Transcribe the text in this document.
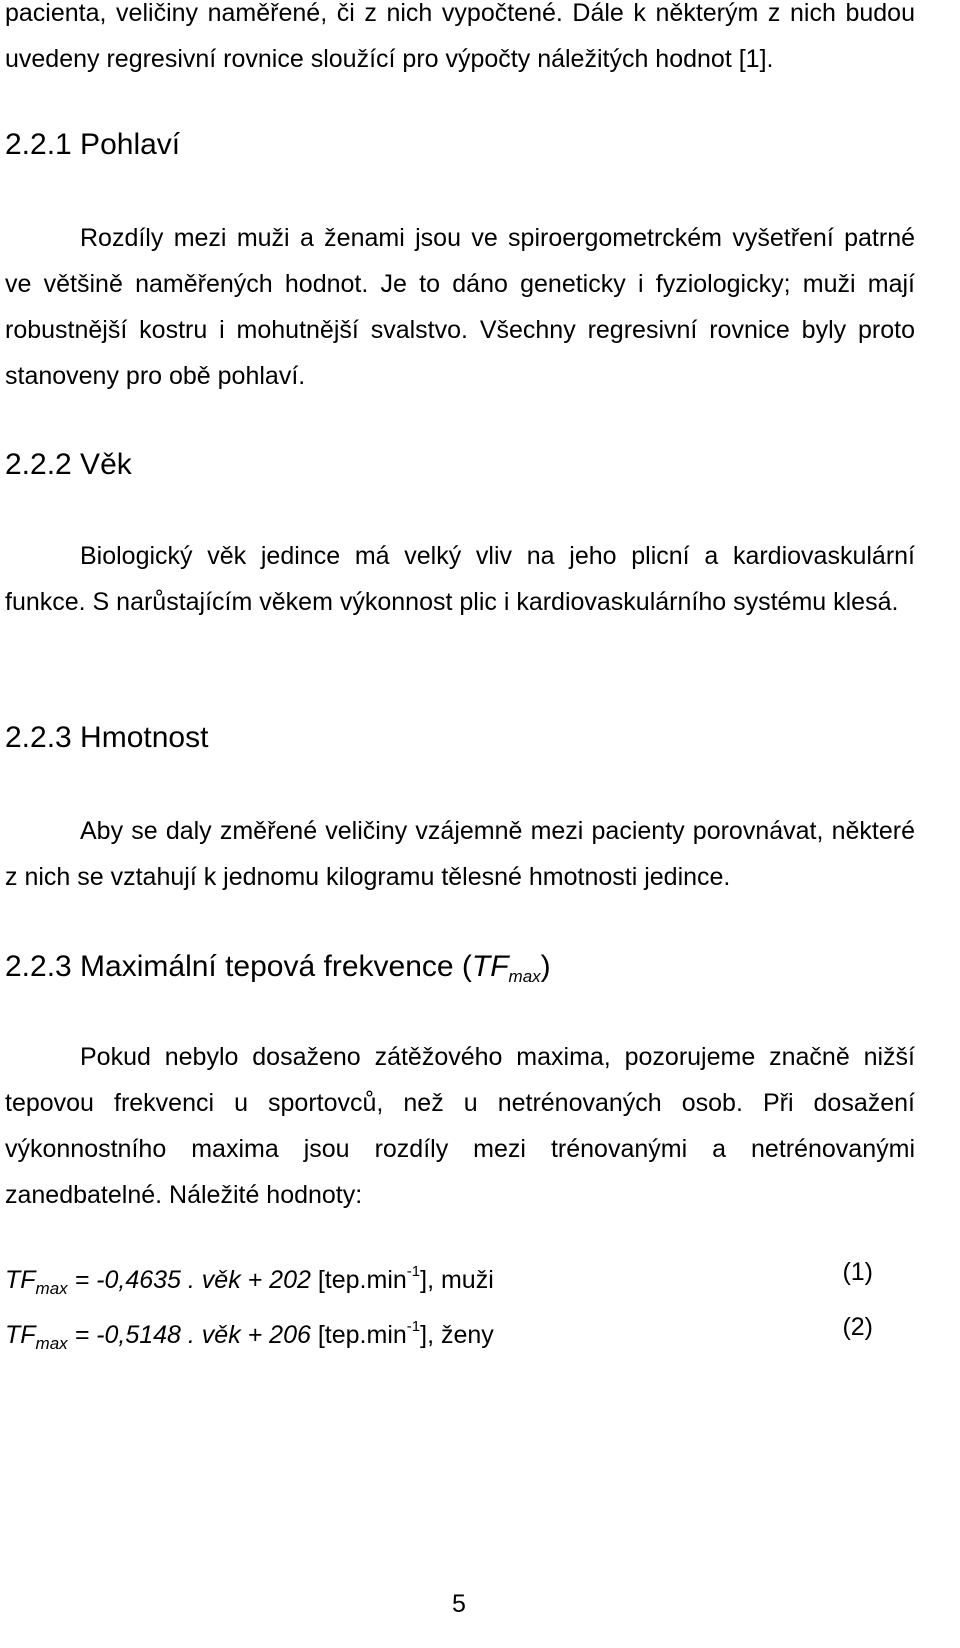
pacienta, veličiny naměřené, či z nich vypočtené. Dále k některým z nich budou uvedeny regresivní rovnice sloužící pro výpočty náležitých hodnot [1].

2.2.1 Pohlaví

Rozdíly mezi muži a ženami jsou ve spiroergometrckém vyšetření patrné ve většině naměřených hodnot. Je to dáno geneticky i fyziologicky; muži mají robustnější kostru i mohutnější svalstvo. Všechny regresivní rovnice byly proto stanoveny pro obě pohlaví.

2.2.2 Věk

Biologický věk jedince má velký vliv na jeho plicní a kardiovaskulární funkce. S narůstajícím věkem výkonnost plic i kardiovaskulárního systému klesá.

2.2.3 Hmotnost

Aby se daly změřené veličiny vzájemně mezi pacienty porovnávat, některé z nich se vztahují k jednomu kilogramu tělesné hmotnosti jedince.

2.2.3 Maximální tepová frekvence $(TF_{max})$

Pokud nebylo dosaženo zátěžového maxima, pozorujeme značně nižší tepovou frekvenci u sportovců, než u netrénovaných osob. Při dosažení výkonnostního maxima jsou rozdíly mezi trénovanými a netrénovanými zanedbatelné. Náležité hodnoty:

$TF_{max} = -0,4635$ . věk + 202 $[tep.\min^{-1}]$, muži	(1)
$TF_{max} = -0,5148$ . věk + 206 $[tep.\min^{-1}]$, ženy	(2)
5
